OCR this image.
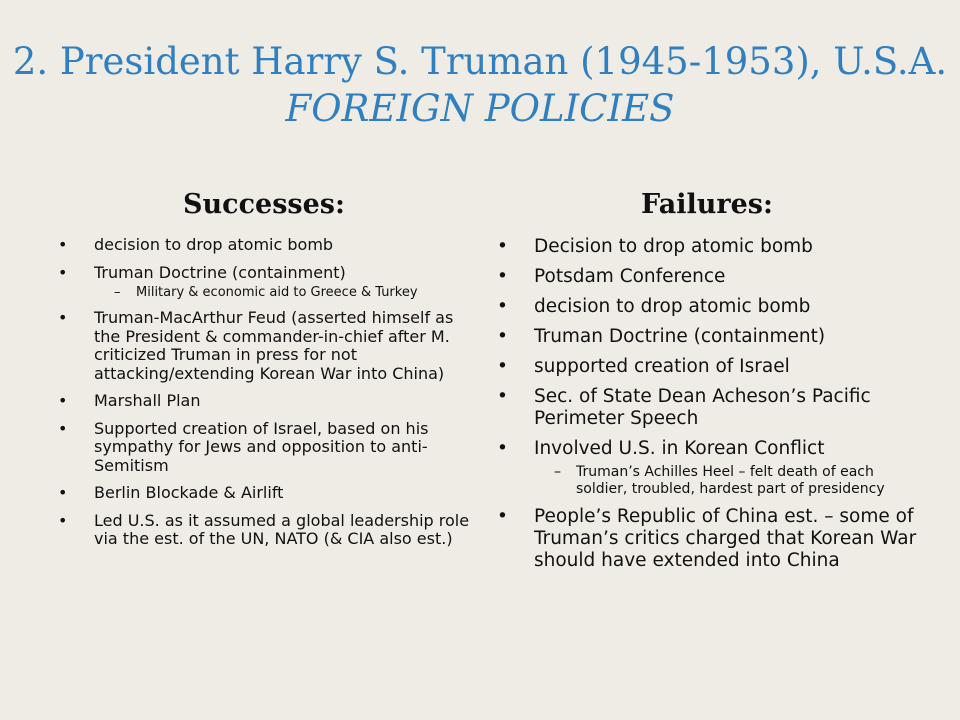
2. President Harry S. Truman (1945-1953), U.S.A.
FOREIGN POLICIES
Successes:
• decision to drop atomic bomb
• Truman Doctrine (containment)
– Military & economic aid to Greece & Turkey
• Truman-MacArthur Feud (asserted himself as the President & commander-in-chief after M. criticized Truman in press for not attacking/extending Korean War into China)
• Marshall Plan
• Supported creation of Israel, based on his sympathy for Jews and opposition to anti-Semitism
• Berlin Blockade & Airlift
• Led U.S. as it assumed a global leadership role via the est. of the UN, NATO (& CIA also est.)
Failures:
• Decision to drop atomic bomb
• Potsdam Conference
• decision to drop atomic bomb
• Truman Doctrine (containment)
• supported creation of Israel
• Sec. of State Dean Acheson’s Pacific Perimeter Speech
• Involved U.S. in Korean Conflict
– Truman’s Achilles Heel – felt death of each soldier, troubled, hardest part of presidency
• People’s Republic of China est. – some of Truman’s critics charged that Korean War should have extended into China
